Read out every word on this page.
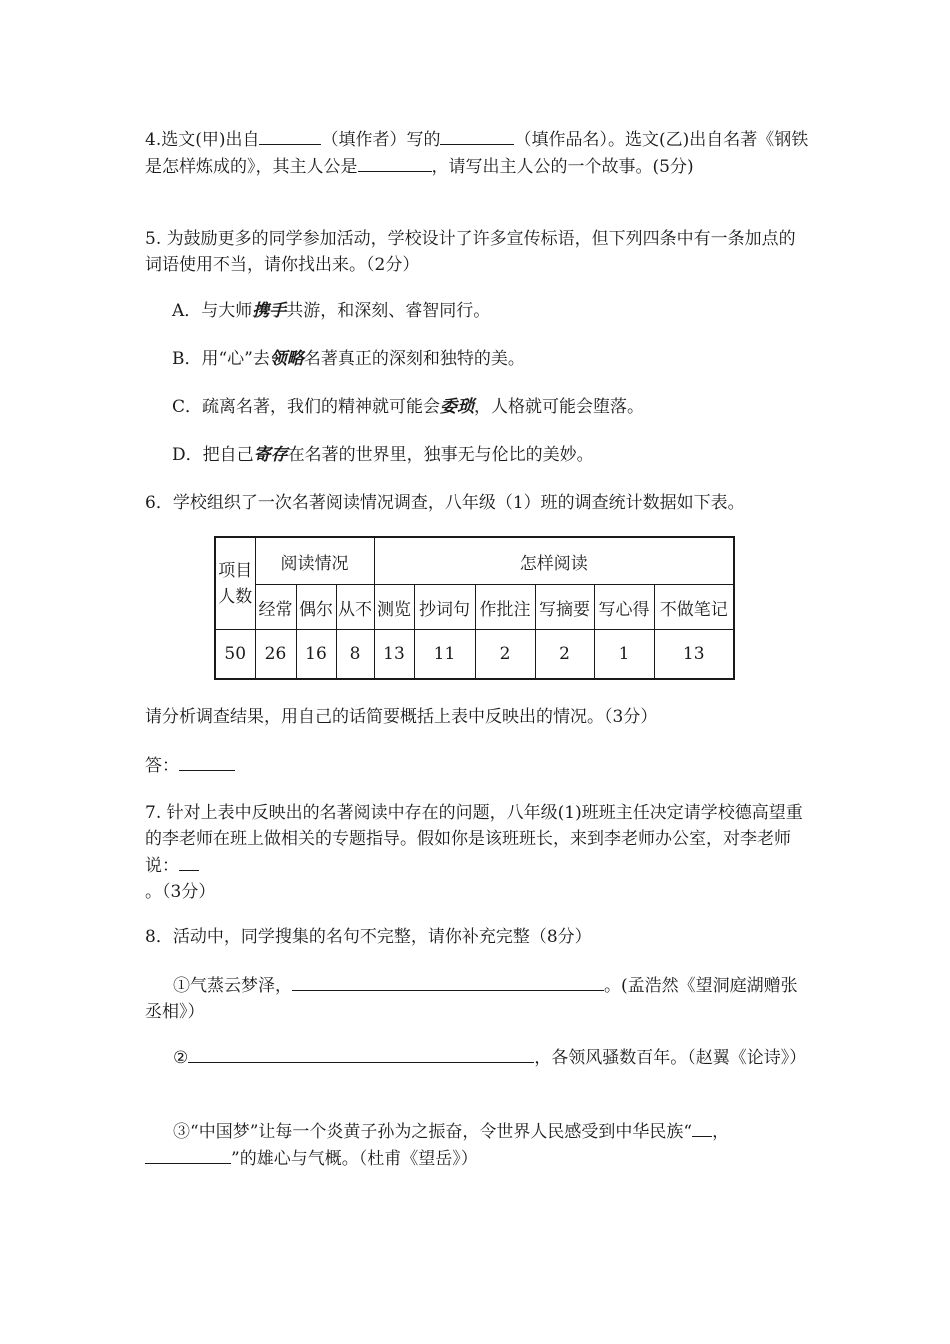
4.选文(甲)出自	（填作者）写的	（填作品名）。选文(乙)出自名著《钢铁是怎样炼成的》，其主人公是	，请写出主人公的一个故事。(5分)

5. 为鼓励更多的同学参加活动，学校设计了许多宣传标语，但下列四条中有一条加点的词语使用不当，请你找出来。（2分）

A．与大师携手共游，和深刻、睿智同行。

B．用“心”去领略名著真正的深刻和独特的美。

C．疏离名著，我们的精神就可能会委琐，人格就可能会堕落。

D．把自己寄存在名著的世界里，独事无与伦比的美妙。

6．学校组织了一次名著阅读情况调查，八年级（1）班的调查统计数据如下表。

项目人数	阅读情况			怎样阅读					
	经常	偶尔	从不	测览	抄词句	作批注	写摘要	写心得	不做笔记
50	26	16	8	13	11	2	2	1	13

请分析调查结果，用自己的话简要概括上表中反映出的情况。（3分）

答：

7. 针对上表中反映出的名著阅读中存在的问题，八年级(1)班班主任决定请学校德高望重的李老师在班上做相关的专题指导。假如你是该班班长，来到李老师办公室，对李老师说：
。（3分）

8．活动中，同学搜集的名句不完整，请你补充完整（8分）

①气蒸云梦泽，	。(孟浩然《望洞庭湖赠张丞相》）

②	，各领风骚数百年。（赵翼《论诗》）

③“中国梦”让每一个炎黄子孙为之振奋，令世界人民感受到中华民族“ ，”的雄心与气概。（杜甫《望岳》）
